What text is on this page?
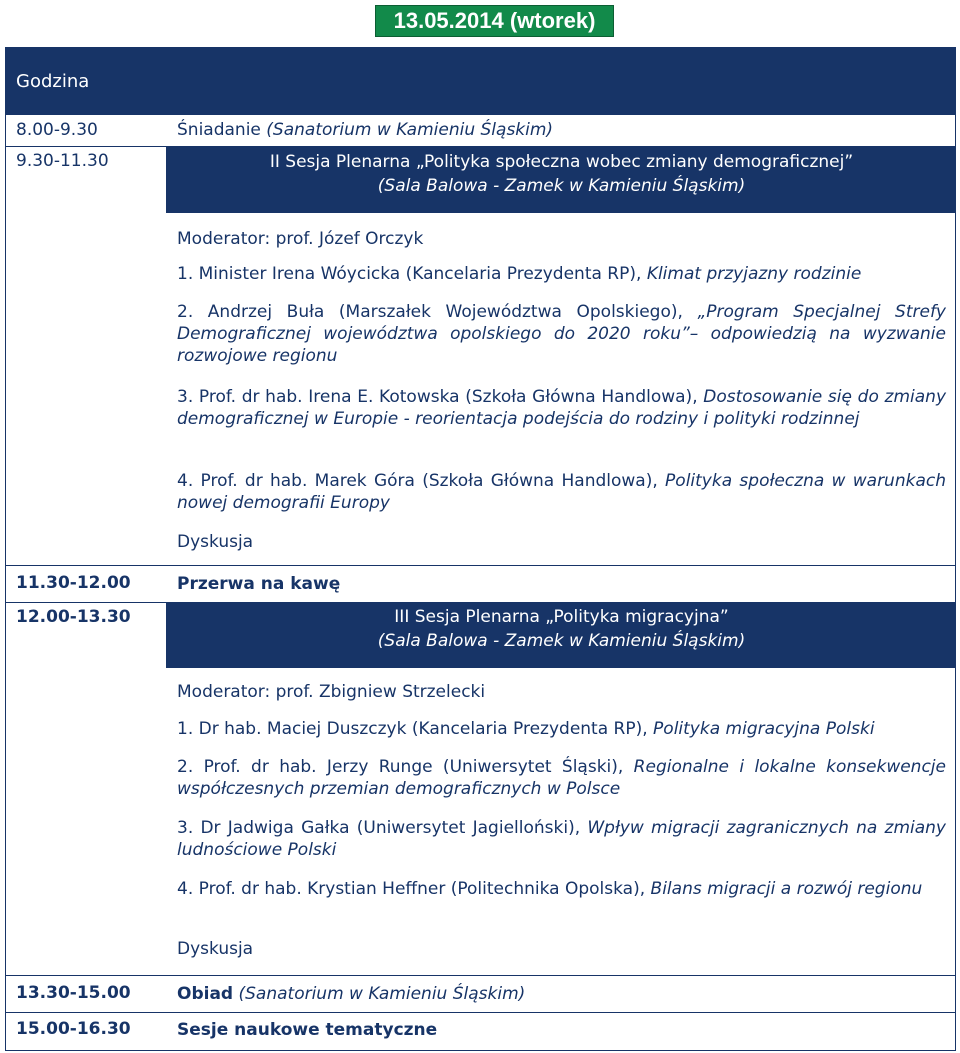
13.05.2014 (wtorek)
Godzina
8.00-9.30	Śniadanie (Sanatorium w Kamieniu Śląskim)
9.30-11.30	II Sesja Plenarna „Polityka społeczna wobec zmiany demograficznej”
(Sala Balowa - Zamek w Kamieniu Śląskim)
Moderator: prof. Józef Orczyk
1. Minister Irena Wóycicka (Kancelaria Prezydenta RP), Klimat przyjazny rodzinie
2. Andrzej Buła (Marszałek Województwa Opolskiego), „Program Specjalnej Strefy Demograficznej województwa opolskiego do 2020 roku”– odpowiedzią na wyzwanie rozwojowe regionu
3. Prof. dr hab. Irena E. Kotowska (Szkoła Główna Handlowa), Dostosowanie się do zmiany demograficznej w Europie - reorientacja podejścia do rodziny i polityki rodzinnej
4. Prof. dr hab. Marek Góra (Szkoła Główna Handlowa), Polityka społeczna w warunkach nowej demografii Europy
Dyskusja
11.30-12.00	Przerwa na kawę
12.00-13.30	III Sesja Plenarna „Polityka migracyjna”
(Sala Balowa - Zamek w Kamieniu Śląskim)
Moderator: prof. Zbigniew Strzelecki
1. Dr hab. Maciej Duszczyk (Kancelaria Prezydenta RP), Polityka migracyjna Polski
2. Prof. dr hab. Jerzy Runge (Uniwersytet Śląski), Regionalne i lokalne konsekwencje współczesnych przemian demograficznych w Polsce
3. Dr Jadwiga Gałka (Uniwersytet Jagielloński), Wpływ migracji zagranicznych na zmiany ludnościowe Polski
4. Prof. dr hab. Krystian Heffner (Politechnika Opolska), Bilans migracji a rozwój regionu
Dyskusja
13.30-15.00	Obiad (Sanatorium w Kamieniu Śląskim)
15.00-16.30	Sesje naukowe tematyczne
